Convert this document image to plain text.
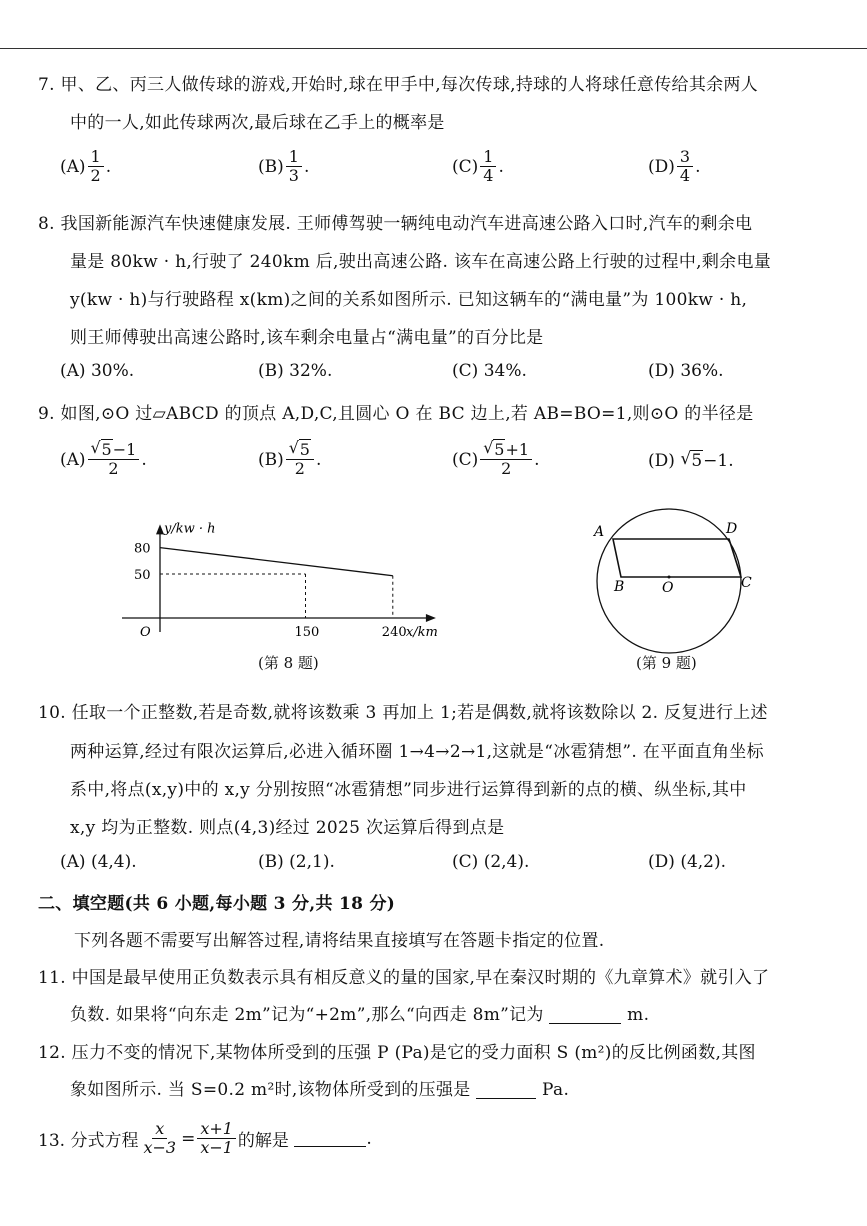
7. 甲、乙、丙三人做传球的游戏,开始时,球在甲手中,每次传球,持球的人将球任意传给其余两人
中的一人,如此传球两次,最后球在乙手上的概率是
$(A) \frac{1}{2}$ .	$(B) \frac{1}{3}$ .	$(C) \frac{1}{4}$ .	$(D) \frac{3}{4}$ .
8. 我国新能源汽车快速健康发展. 王师傅驾驶一辆纯电动汽车进高速公路入口时,汽车的剩余电
量是 80kw · h,行驶了 240km 后,驶出高速公路. 该车在高速公路上行驶的过程中,剩余电量
y(kw · h)与行驶路程 x(km)之间的关系如图所示. 已知这辆车的“满电量”为 100kw · h,
则王师傅驶出高速公路时,该车剩余电量占“满电量”的百分比是
(A)
30%.	(B)
32%.	(C)
34%.	(D)
36%.
9. 如图,⊙O 过▱ABCD 的顶点 A,D,C,且圆心 O 在 BC 边上,若 AB=BO=1,则⊙O 的半径是
$(A) \frac{√ 5-1}{2}$ .	$(B) \frac{√ 5}{2}$ .	$(C) \frac{√ 5+1}{2}$ .	(D)
√ 5 −1.
80
50
150	240
O
y/kw · h
x/km
(第 8 题)
A	D
B	O	C
(第 9 题)
10. 任取一个正整数,若是奇数,就将该数乘 3 再加上 1;若是偶数,就将该数除以 2. 反复进行上述
两种运算,经过有限次运算后,必进入循环圈 1→4→2→1,这就是“冰雹猜想”. 在平面直角坐标
系中,将点(x,y)中的 x,y 分别按照“冰雹猜想”同步进行运算得到新的点的横、纵坐标,其中
x,y 均为正整数. 则点(4,3)经过 2025 次运算后得到点是
(A)
(4,4).	(B)
(2,1).	(C)
(2,4).	(D)
(4,2).
二、填空题(共 6 小题,每小题 3 分,共 18 分)
下列各题不需要写出解答过程,请将结果直接填写在答题卡指定的位置.
11. 中国是最早使用正负数表示具有相反意义的量的国家,早在秦汉时期的《九章算术》就引入了
负数. 如果将“向东走 2m”记为“+2m”,那么“向西走 8m”记为	m.
12. 压力不变的情况下,某物体所受到的压强 P (Pa)是它的受力面积 S (m²)的反比例函数,其图
象如图所示. 当 S=0.2 m²时,该物体所受到的压强是	Pa.
13. 分式方程 $\frac{x}{x-3} = \frac{x+1}{x-1}$ 的解是
	.
